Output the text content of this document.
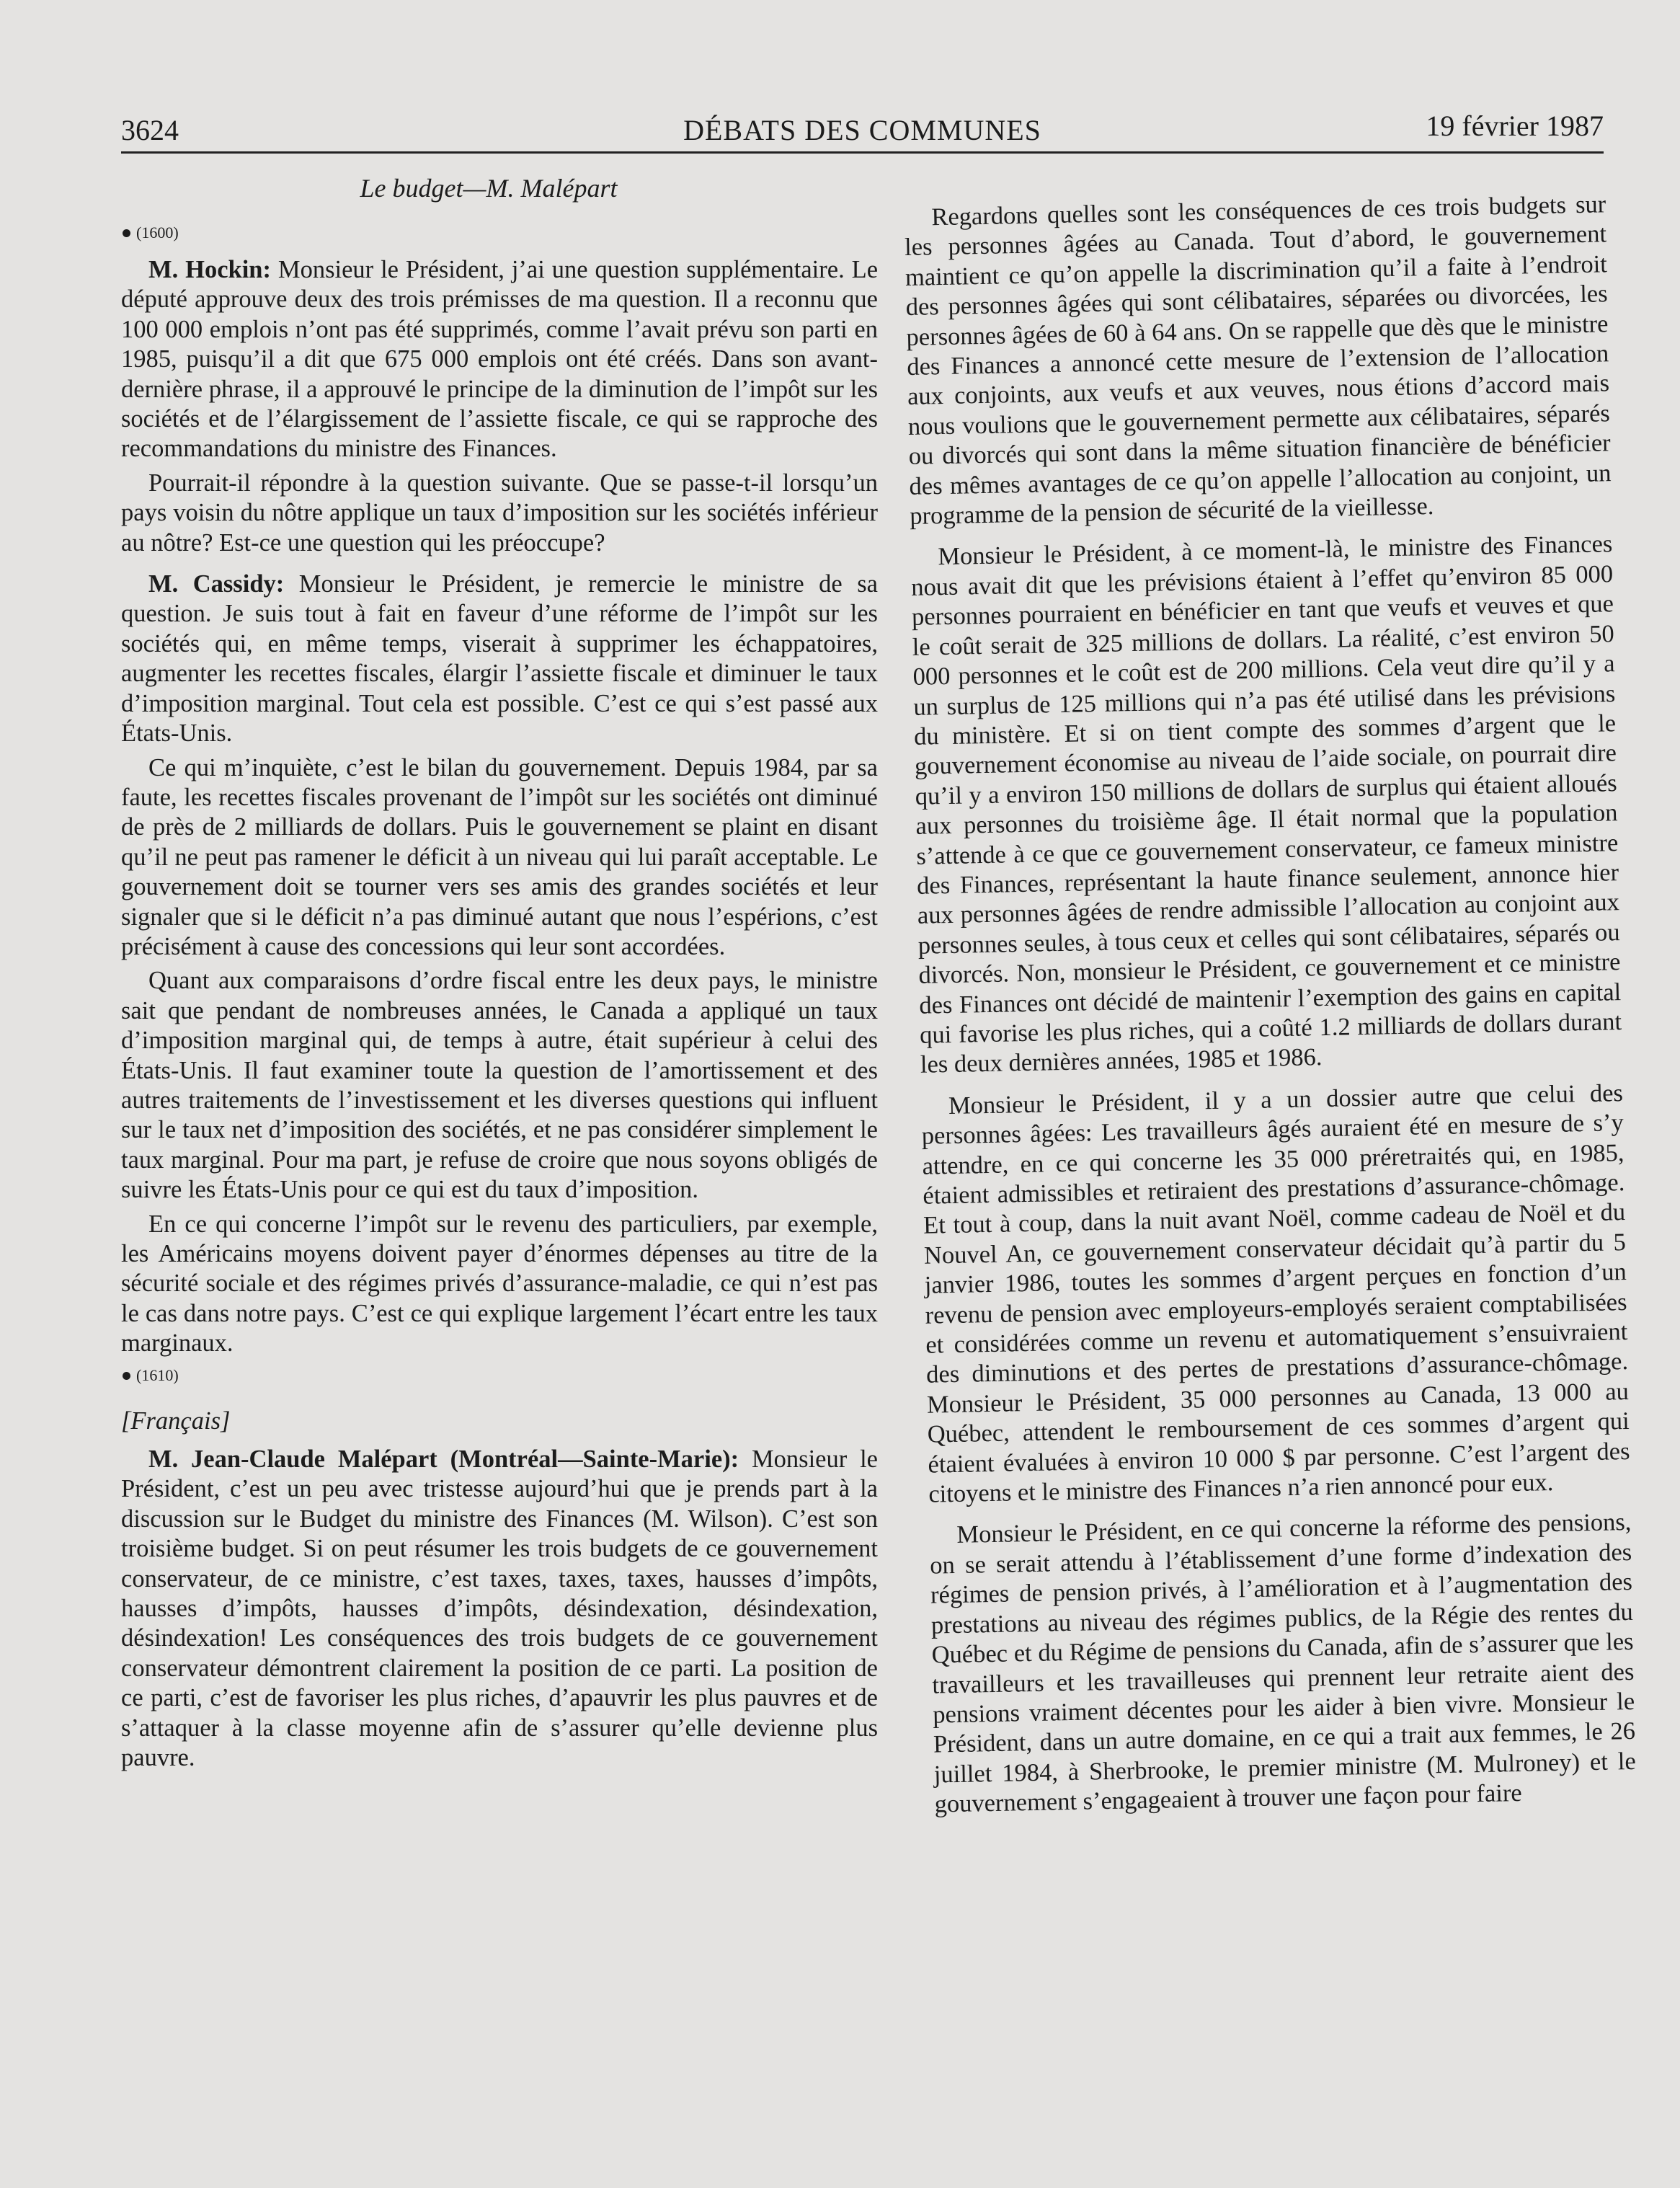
3624	DÉBATS DES COMMUNES	19 février 1987
Le budget—M. Malépart
(1600)

M. Hockin: Monsieur le Président, j’ai une question supplémentaire. Le député approuve deux des trois prémisses de ma question. Il a reconnu que 100 000 emplois n’ont pas été supprimés, comme l’avait prévu son parti en 1985, puisqu’il a dit que 675 000 emplois ont été créés. Dans son avant-dernière phrase, il a approuvé le principe de la diminution de l’impôt sur les sociétés et de l’élargissement de l’assiette fiscale, ce qui se rapproche des recommandations du ministre des Finances.

Pourrait-il répondre à la question suivante. Que se passe-t-il lorsqu’un pays voisin du nôtre applique un taux d’imposition sur les sociétés inférieur au nôtre? Est-ce une question qui les préoccupe?

M. Cassidy: Monsieur le Président, je remercie le ministre de sa question. Je suis tout à fait en faveur d’une réforme de l’impôt sur les sociétés qui, en même temps, viserait à supprimer les échappatoires, augmenter les recettes fiscales, élargir l’assiette fiscale et diminuer le taux d’imposition marginal. Tout cela est possible. C’est ce qui s’est passé aux États-Unis.

Ce qui m’inquiète, c’est le bilan du gouvernement. Depuis 1984, par sa faute, les recettes fiscales provenant de l’impôt sur les sociétés ont diminué de près de 2 milliards de dollars. Puis le gouvernement se plaint en disant qu’il ne peut pas ramener le déficit à un niveau qui lui paraît acceptable. Le gouvernement doit se tourner vers ses amis des grandes sociétés et leur signaler que si le déficit n’a pas diminué autant que nous l’espérions, c’est précisément à cause des concessions qui leur sont accordées.

Quant aux comparaisons d’ordre fiscal entre les deux pays, le ministre sait que pendant de nombreuses années, le Canada a appliqué un taux d’imposition marginal qui, de temps à autre, était supérieur à celui des États-Unis. Il faut examiner toute la question de l’amortissement et des autres traitements de l’investissement et les diverses questions qui influent sur le taux net d’imposition des sociétés, et ne pas considérer simplement le taux marginal. Pour ma part, je refuse de croire que nous soyons obligés de suivre les États-Unis pour ce qui est du taux d’imposition.

En ce qui concerne l’impôt sur le revenu des particuliers, par exemple, les Américains moyens doivent payer d’énormes dépenses au titre de la sécurité sociale et des régimes privés d’assurance-maladie, ce qui n’est pas le cas dans notre pays. C’est ce qui explique largement l’écart entre les taux marginaux.

(1610)
[Français]

M. Jean-Claude Malépart (Montréal—Sainte-Marie): Monsieur le Président, c’est un peu avec tristesse aujourd’hui que je prends part à la discussion sur le Budget du ministre des Finances (M. Wilson). C’est son troisième budget. Si on peut résumer les trois budgets de ce gouvernement conservateur, de ce ministre, c’est taxes, taxes, taxes, hausses d’impôts, hausses d’impôts, hausses d’impôts, désindexation, désindexation, désindexation! Les conséquences des trois budgets de ce gouvernement conservateur démontrent clairement la position de ce parti. La position de ce parti, c’est de favoriser les plus riches, d’apauvrir les plus pauvres et de s’attaquer à la classe moyenne afin de s’assurer qu’elle devienne plus pauvre.

Regardons quelles sont les conséquences de ces trois budgets sur les personnes âgées au Canada. Tout d’abord, le gouvernement maintient ce qu’on appelle la discrimination qu’il a faite à l’endroit des personnes âgées qui sont célibataires, séparées ou divorcées, les personnes âgées de 60 à 64 ans. On se rappelle que dès que le ministre des Finances a annoncé cette mesure de l’extension de l’allocation aux conjoints, aux veufs et aux veuves, nous étions d’accord mais nous voulions que le gouvernement permette aux célibataires, séparés ou divorcés qui sont dans la même situation financière de bénéficier des mêmes avantages de ce qu’on appelle l’allocation au conjoint, un programme de la pension de sécurité de la vieillesse.

Monsieur le Président, à ce moment-là, le ministre des Finances nous avait dit que les prévisions étaient à l’effet qu’environ 85 000 personnes pourraient en bénéficier en tant que veufs et veuves et que le coût serait de 325 millions de dollars. La réalité, c’est environ 50 000 personnes et le coût est de 200 millions. Cela veut dire qu’il y a un surplus de 125 millions qui n’a pas été utilisé dans les prévisions du ministère. Et si on tient compte des sommes d’argent que le gouvernement économise au niveau de l’aide sociale, on pourrait dire qu’il y a environ 150 millions de dollars de surplus qui étaient alloués aux personnes du troisième âge. Il était normal que la population s’attende à ce que ce gouvernement conservateur, ce fameux ministre des Finances, représentant la haute finance seulement, annonce hier aux personnes âgées de rendre admissible l’allocation au conjoint aux personnes seules, à tous ceux et celles qui sont célibataires, séparés ou divorcés. Non, monsieur le Président, ce gouvernement et ce ministre des Finances ont décidé de maintenir l’exemption des gains en capital qui favorise les plus riches, qui a coûté 1.2 milliards de dollars durant les deux dernières années, 1985 et 1986.

Monsieur le Président, il y a un dossier autre que celui des personnes âgées: Les travailleurs âgés auraient été en mesure de s’y attendre, en ce qui concerne les 35 000 préretraités qui, en 1985, étaient admissibles et retiraient des prestations d’assurance-chômage. Et tout à coup, dans la nuit avant Noël, comme cadeau de Noël et du Nouvel An, ce gouvernement conservateur décidait qu’à partir du 5 janvier 1986, toutes les sommes d’argent perçues en fonction d’un revenu de pension avec employeurs-employés seraient comptabilisées et considérées comme un revenu et automatiquement s’ensuivraient des diminutions et des pertes de prestations d’assurance-chômage. Monsieur le Président, 35 000 personnes au Canada, 13 000 au Québec, attendent le remboursement de ces sommes d’argent qui étaient évaluées à environ 10 000 $ par personne. C’est l’argent des citoyens et le ministre des Finances n’a rien annoncé pour eux.

Monsieur le Président, en ce qui concerne la réforme des pensions, on se serait attendu à l’établissement d’une forme d’indexation des régimes de pension privés, à l’amélioration et à l’augmentation des prestations au niveau des régimes publics, de la Régie des rentes du Québec et du Régime de pensions du Canada, afin de s’assurer que les travailleurs et les travailleuses qui prennent leur retraite aient des pensions vraiment décentes pour les aider à bien vivre. Monsieur le Président, dans un autre domaine, en ce qui a trait aux femmes, le 26 juillet 1984, à Sherbrooke, le premier ministre (M. Mulroney) et le gouvernement s’engageaient à trouver une façon pour faire
